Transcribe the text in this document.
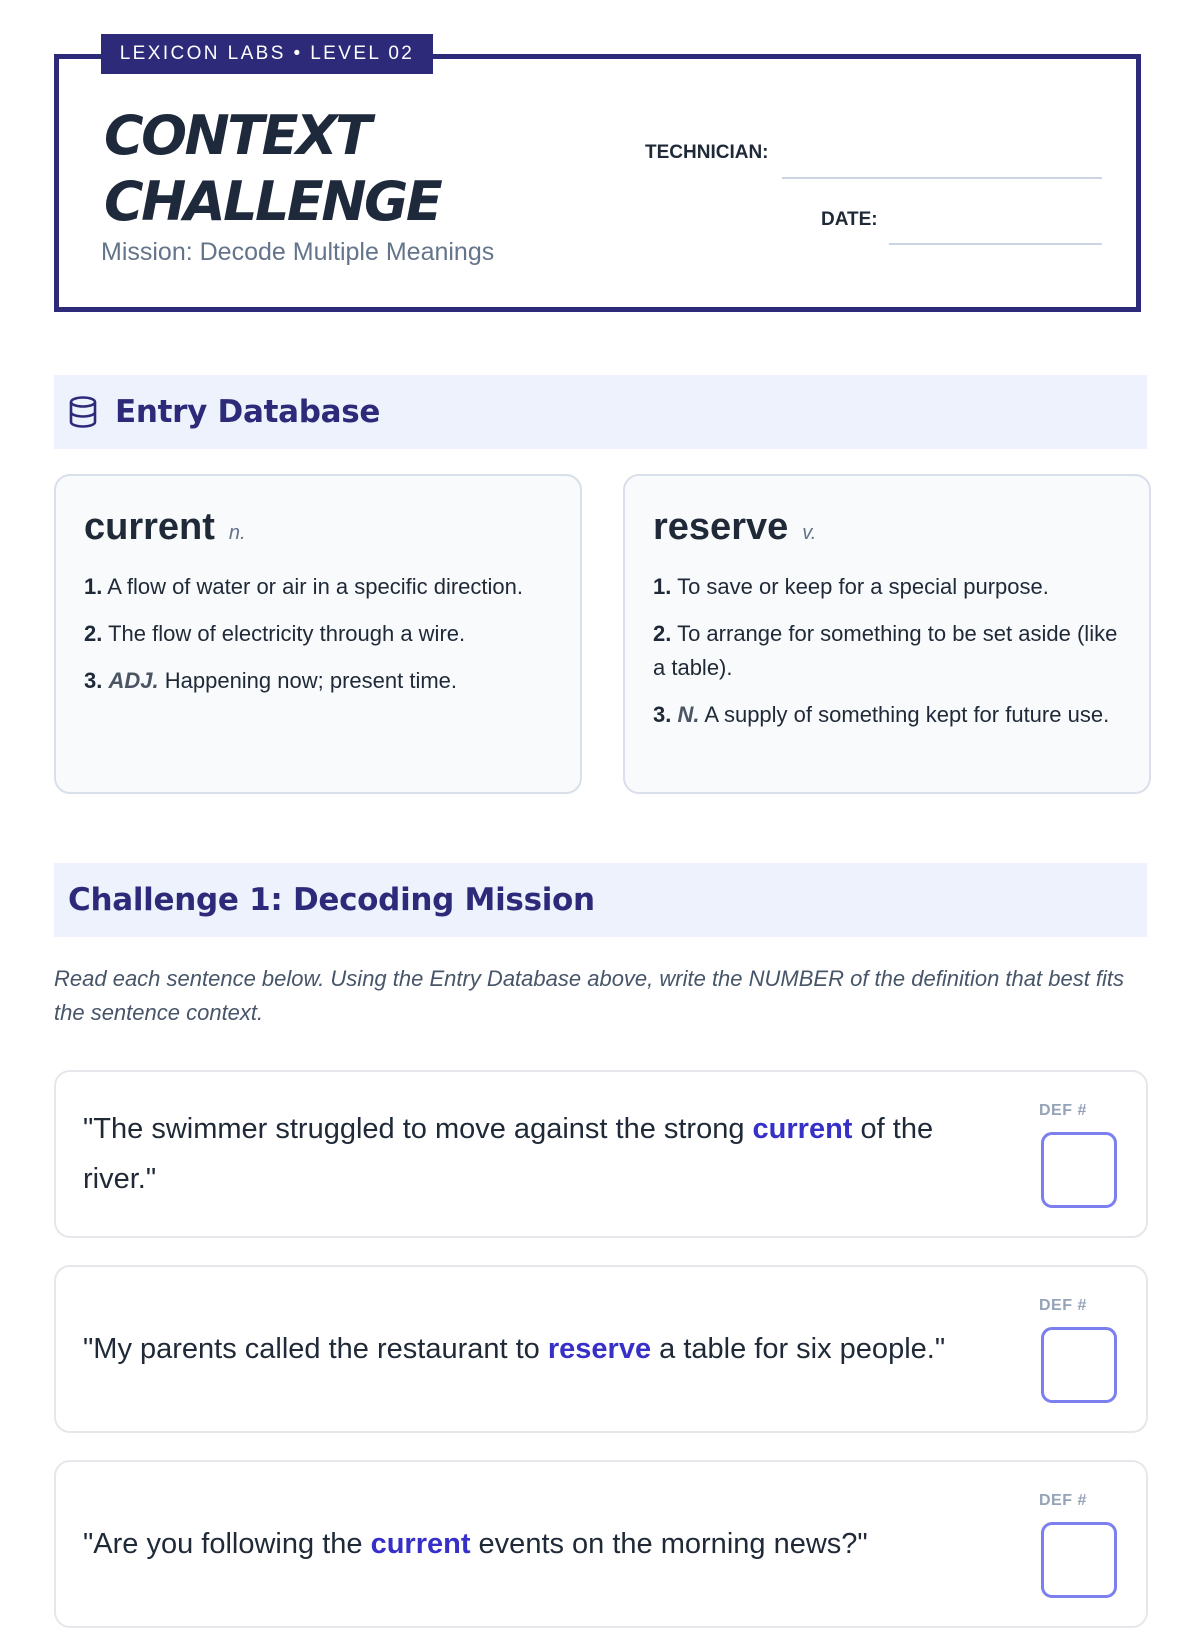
LEXICON LABS • LEVEL 02
CONTEXT
CHALLENGE
Mission: Decode Multiple Meanings
TECHNICIAN:
DATE:
Entry Database
current n.
1. A flow of water or air in a specific direction.
2. The flow of electricity through a wire.
3. ADJ. Happening now; present time.
reserve v.
1. To save or keep for a special purpose.
2. To arrange for something to be set aside (like a table).
3. N. A supply of something kept for future use.
Challenge 1: Decoding Mission

Read each sentence below. Using the Entry Database above, write the NUMBER of the definition that best fits the sentence context.

"The swimmer struggled to move against the strong current of the river."
DEF #
"My parents called the restaurant to reserve a table for six people."
DEF #
"Are you following the current events on the morning news?"
DEF #
